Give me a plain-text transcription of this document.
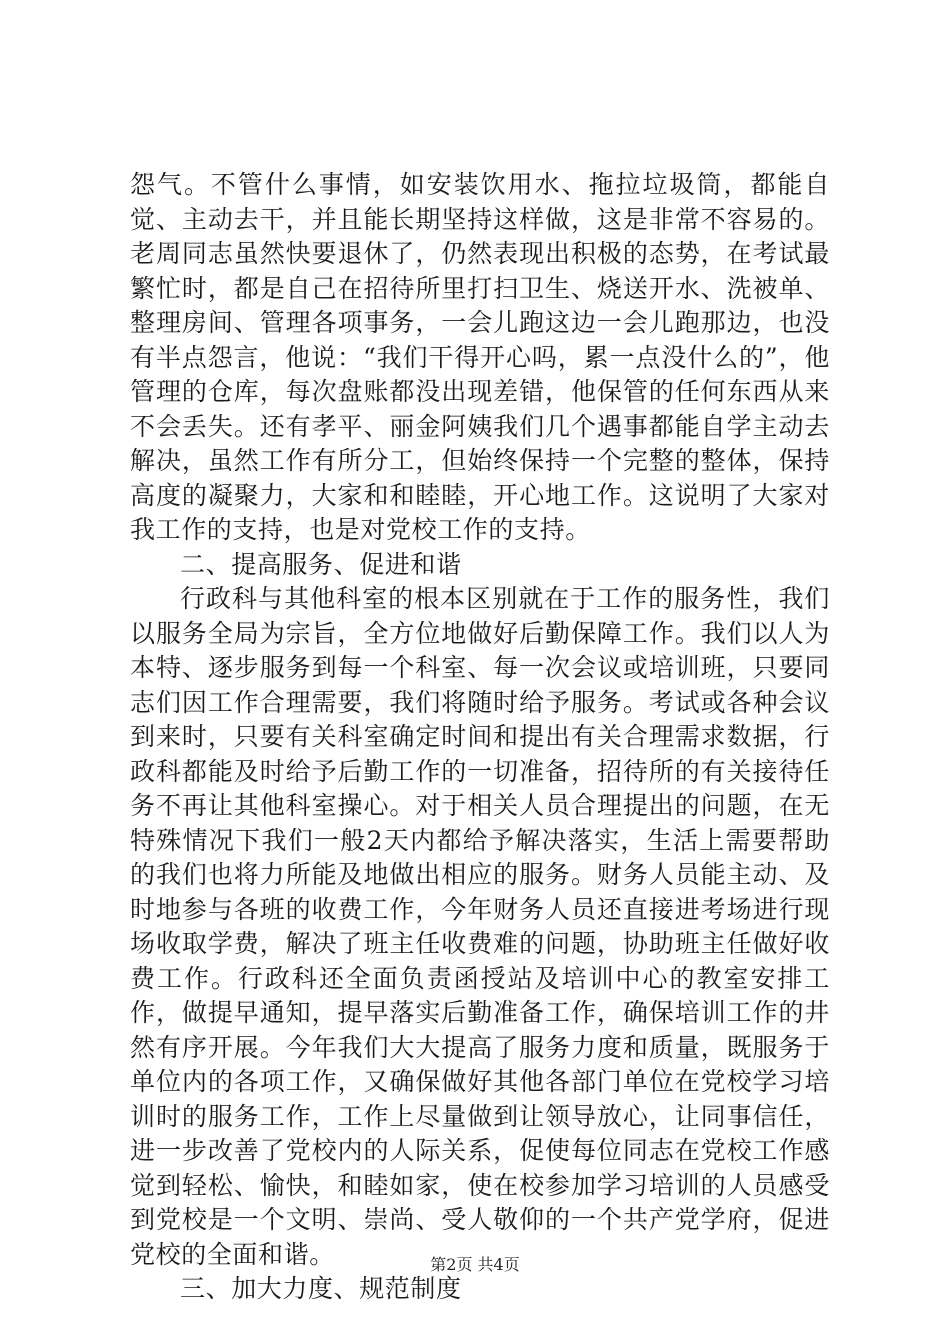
怨气。不管什么事情，如安装饮用水、拖拉垃圾筒，都能自觉、主动去干，并且能长期坚持这样做，这是非常不容易的。老周同志虽然快要退休了，仍然表现出积极的态势，在考试最繁忙时，都是自己在招待所里打扫卫生、烧送开水、洗被单、整理房间、管理各项事务，一会儿跑这边一会儿跑那边，也没有半点怨言，他说：“我们干得开心吗，累一点没什么的”，他管理的仓库，每次盘账都没出现差错，他保管的任何东西从来不会丢失。还有孝平、丽金阿姨我们几个遇事都能自学主动去解决，虽然工作有所分工，但始终保持一个完整的整体，保持高度的凝聚力，大家和和睦睦，开心地工作。这说明了大家对我工作的支持，也是对党校工作的支持。

二、提高服务、促进和谐

行政科与其他科室的根本区别就在于工作的服务性，我们以服务全局为宗旨，全方位地做好后勤保障工作。我们以人为本特、逐步服务到每一个科室、每一次会议或培训班，只要同志们因工作合理需要，我们将随时给予服务。考试或各种会议到来时，只要有关科室确定时间和提出有关合理需求数据，行政科都能及时给予后勤工作的一切准备，招待所的有关接待任务不再让其他科室操心。对于相关人员合理提出的问题，在无特殊情况下我们一般2天内都给予解决落实，生活上需要帮助的我们也将力所能及地做出相应的服务。财务人员能主动、及时地参与各班的收费工作，今年财务人员还直接进考场进行现场收取学费，解决了班主任收费难的问题，协助班主任做好收费工作。行政科还全面负责函授站及培训中心的教室安排工作，做提早通知，提早落实后勤准备工作，确保培训工作的井然有序开展。今年我们大大提高了服务力度和质量，既服务于单位内的各项工作，又确保做好其他各部门单位在党校学习培训时的服务工作，工作上尽量做到让领导放心，让同事信任，进一步改善了党校内的人际关系，促使每位同志在党校工作感觉到轻松、愉快，和睦如家，使在校参加学习培训的人员感受到党校是一个文明、崇尚、受人敬仰的一个共产党学府，促进党校的全面和谐。

三、加大力度、规范制度

第2页 共4页
